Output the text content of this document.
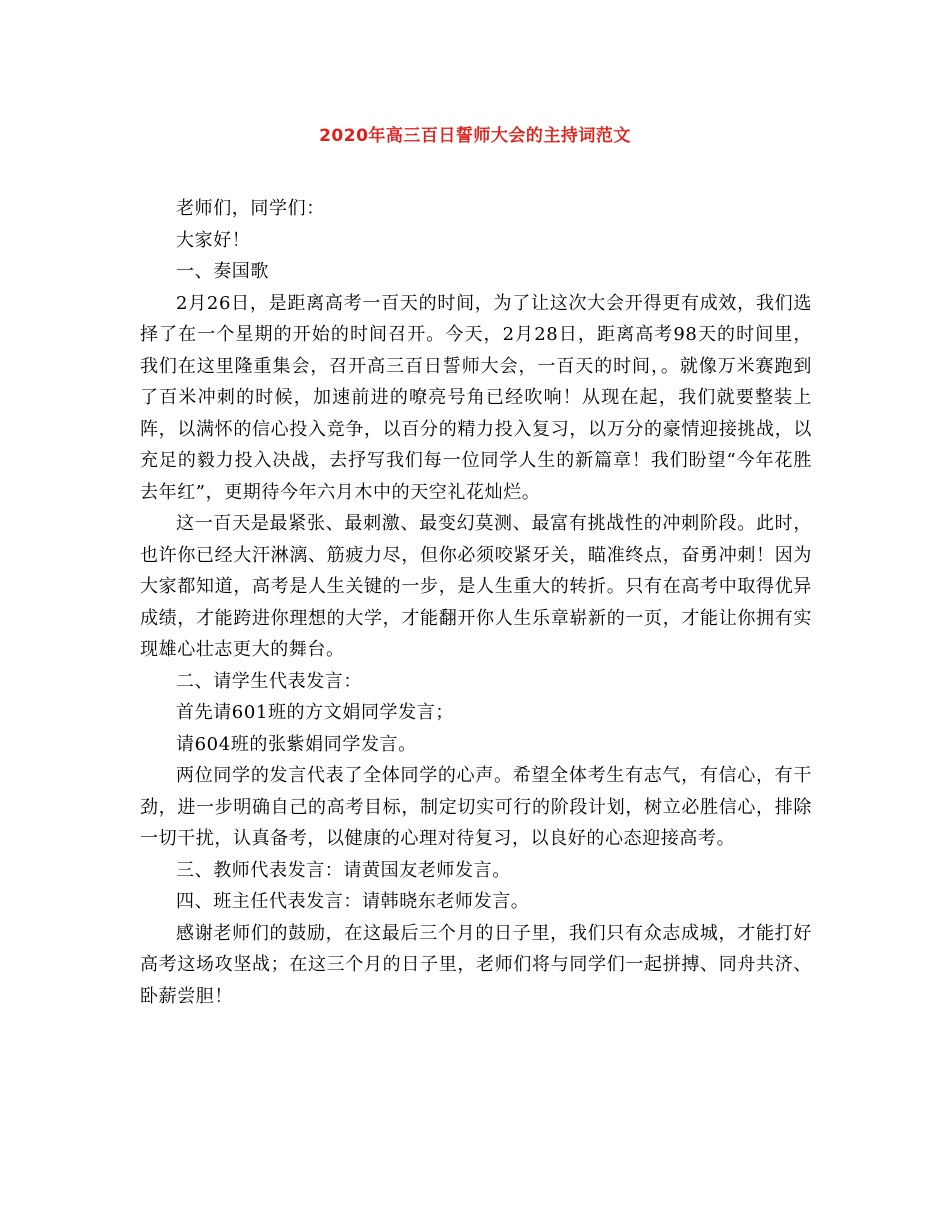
2020年高三百日誓师大会的主持词范文

老师们，同学们：

大家好！

一、奏国歌

2月26日，是距离高考一百天的时间，为了让这次大会开得更有成效，我们选择了在一个星期的开始的时间召开。今天，2月28日，距离高考98天的时间里，我们在这里隆重集会，召开高三百日誓师大会，一百天的时间，。就像万米赛跑到了百米冲刺的时候，加速前进的嘹亮号角已经吹响！从现在起，我们就要整装上阵，以满怀的信心投入竞争，以百分的精力投入复习，以万分的豪情迎接挑战，以充足的毅力投入决战，去抒写我们每一位同学人生的新篇章！我们盼望“今年花胜去年红”，更期待今年六月木中的天空礼花灿烂。

这一百天是最紧张、最刺激、最变幻莫测、最富有挑战性的冲刺阶段。此时，也许你已经大汗淋漓、筋疲力尽，但你必须咬紧牙关，瞄准终点，奋勇冲刺！因为大家都知道，高考是人生关键的一步，是人生重大的转折。只有在高考中取得优异成绩，才能跨进你理想的大学，才能翻开你人生乐章崭新的一页，才能让你拥有实现雄心壮志更大的舞台。

二、请学生代表发言：

首先请601班的方文娟同学发言；

请604班的张紫娟同学发言。

两位同学的发言代表了全体同学的心声。希望全体考生有志气，有信心，有干劲，进一步明确自己的高考目标，制定切实可行的阶段计划，树立必胜信心，排除一切干扰，认真备考，以健康的心理对待复习，以良好的心态迎接高考。

三、教师代表发言：请黄国友老师发言。

四、班主任代表发言：请韩晓东老师发言。

感谢老师们的鼓励，在这最后三个月的日子里，我们只有众志成城，才能打好高考这场攻坚战；在这三个月的日子里，老师们将与同学们一起拼搏、同舟共济、卧薪尝胆！
